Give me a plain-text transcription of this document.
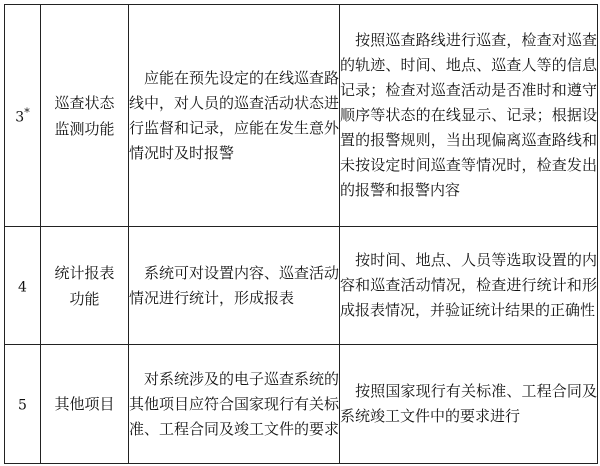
3*	巡查状态监测功能	应能在预先设定的在线巡查路线中，对人员的巡查活动状态进行监督和记录，应能在发生意外情况时及时报警	按照巡查路线进行巡查，检查对巡查的轨迹、时间、地点、巡查人等的信息记录；检查对巡查活动是否准时和遵守顺序等状态的在线显示、记录；根据设置的报警规则，当出现偏离巡查路线和未按设定时间巡查等情况时，检查发出的报警和报警内容
4	统计报表功能	系统可对设置内容、巡查活动情况进行统计，形成报表	按时间、地点、人员等选取设置的内容和巡查活动情况，检查进行统计和形成报表情况，并验证统计结果的正确性
5	其他项目	对系统涉及的电子巡查系统的其他项目应符合国家现行有关标准、工程合同及竣工文件的要求	按照国家现行有关标准、工程合同及系统竣工文件中的要求进行
